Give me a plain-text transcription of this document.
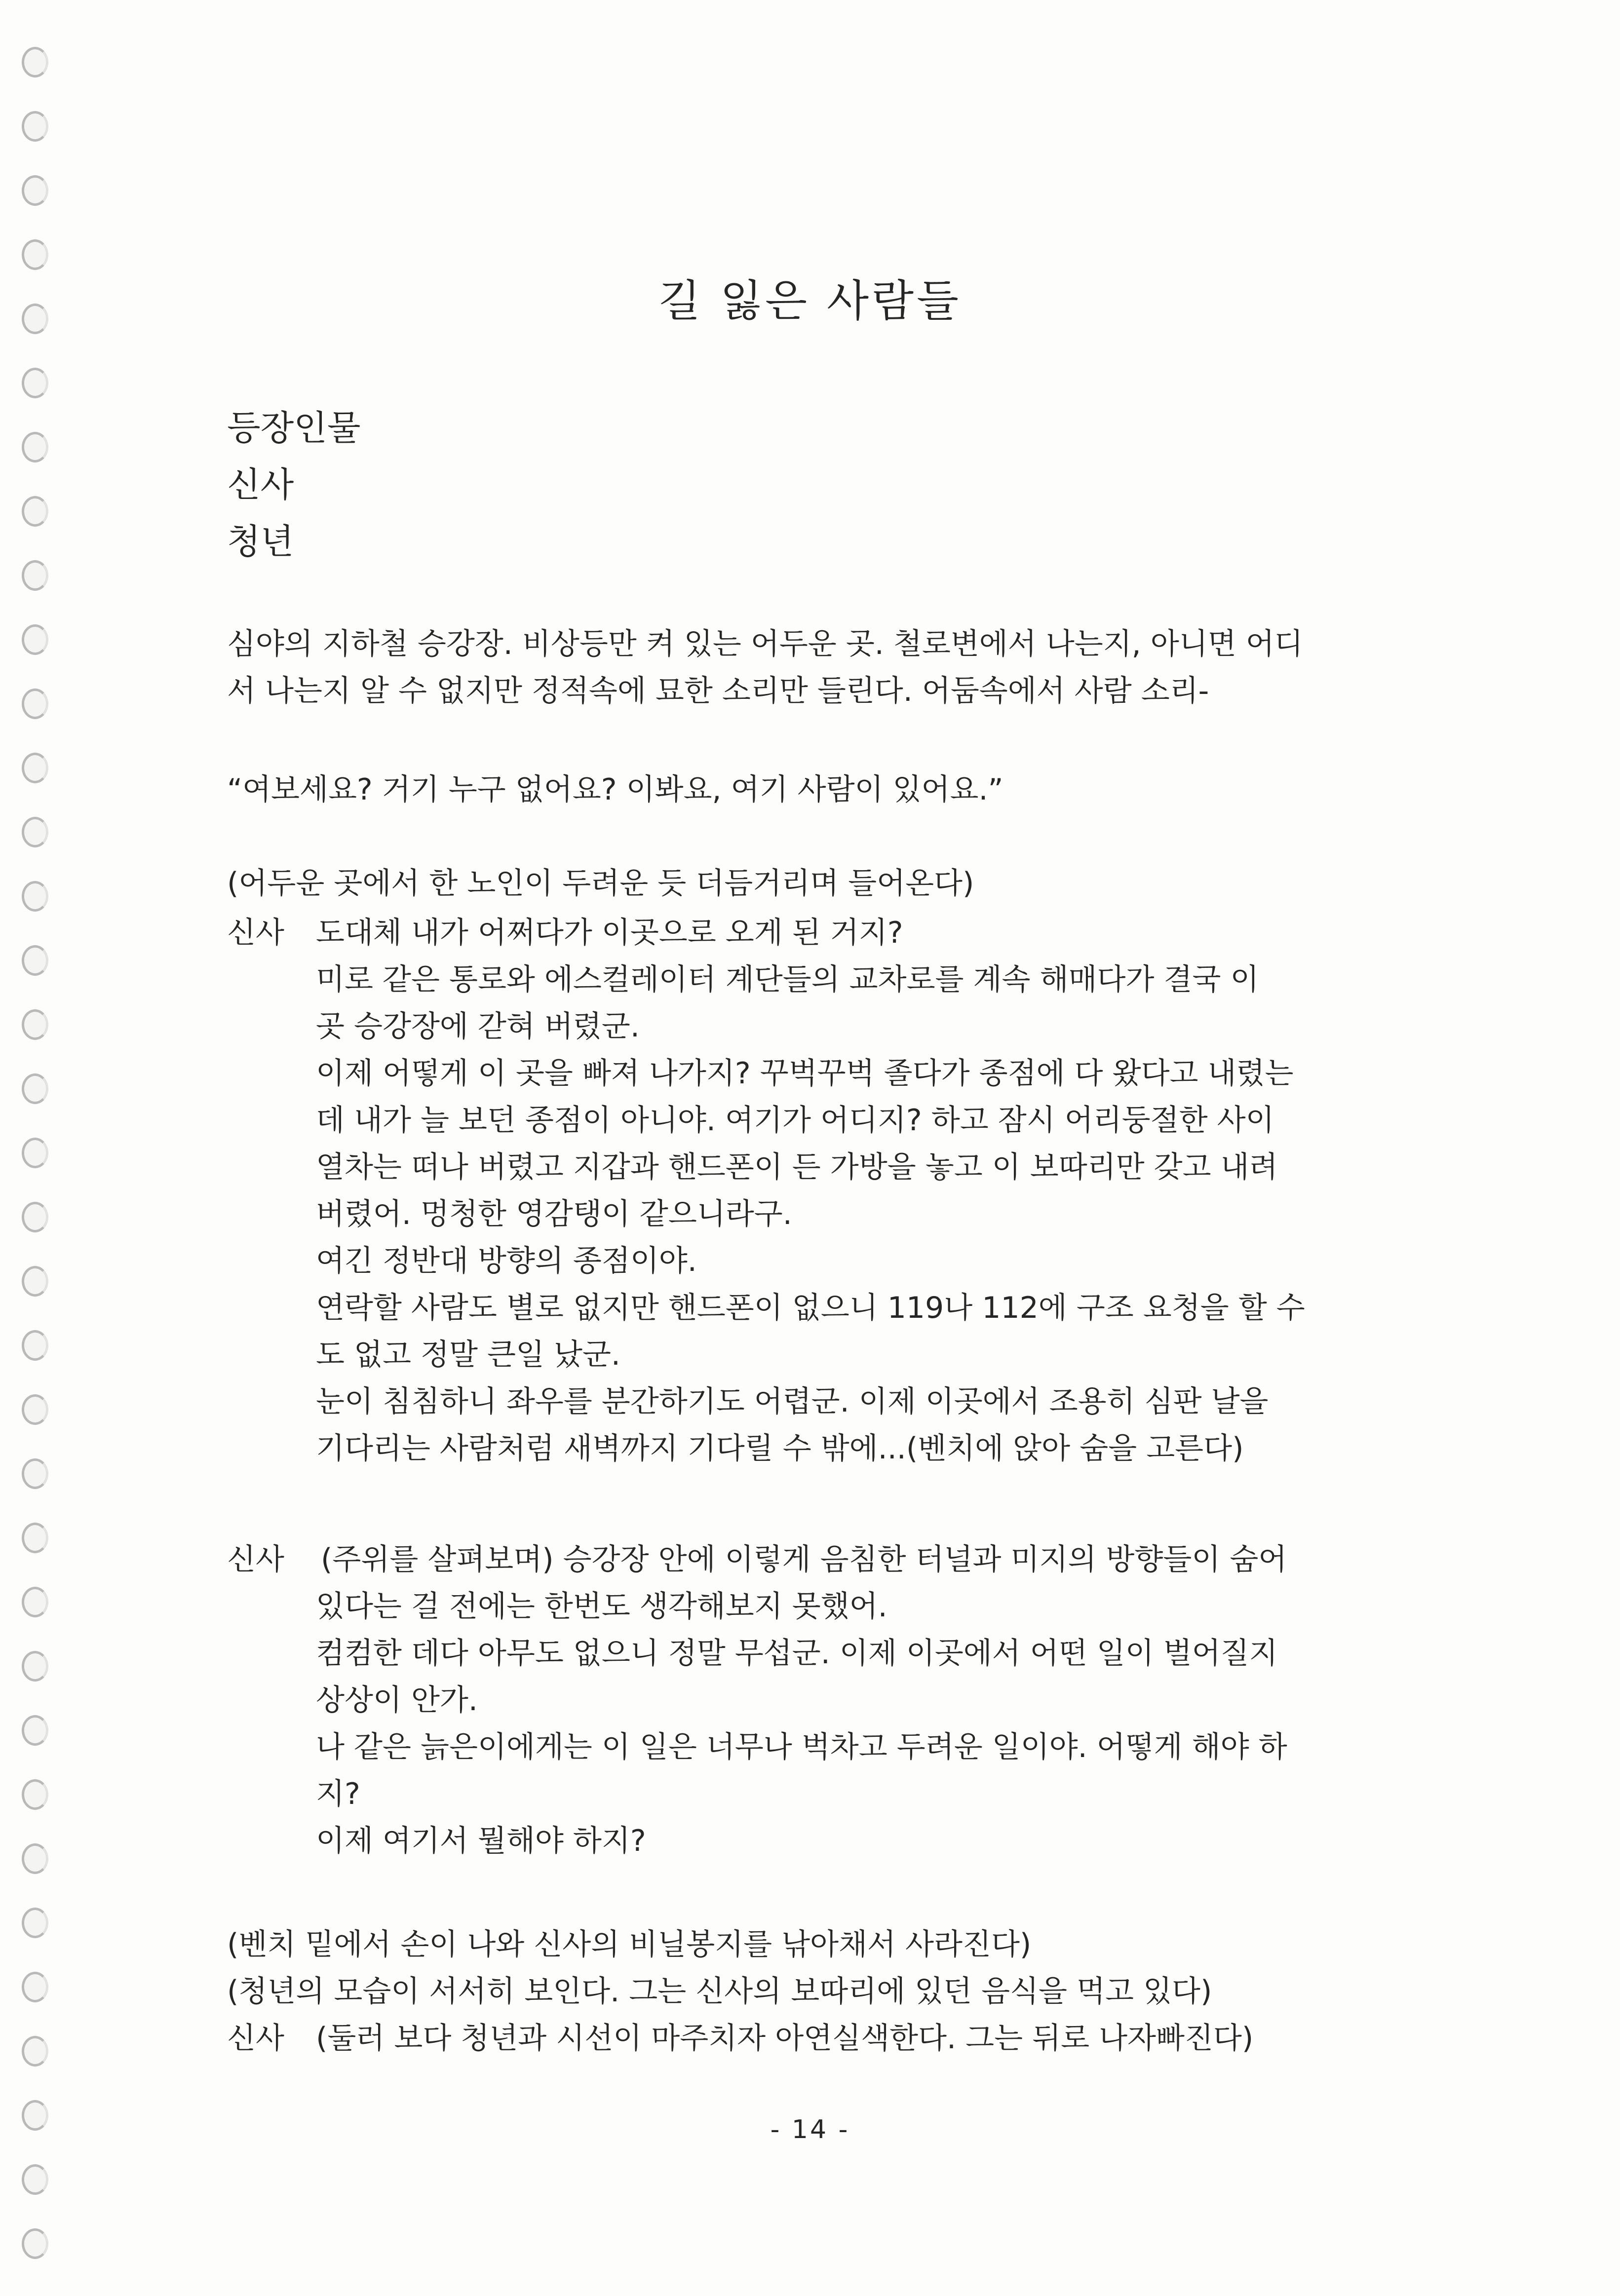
길 잃은 사람들
등장인물
신사
청년
심야의 지하철 승강장. 비상등만 켜 있는 어두운 곳. 철로변에서 나는지, 아니면 어디
서 나는지 알 수 없지만 정적속에 묘한 소리만 들린다. 어둠속에서 사람 소리-
“여보세요? 거기 누구 없어요? 이봐요, 여기 사람이 있어요.”
(어두운 곳에서 한 노인이 두려운 듯 더듬거리며 들어온다)
신사 도대체 내가 어쩌다가 이곳으로 오게 된 거지?
미로 같은 통로와 에스컬레이터 계단들의 교차로를 계속 해매다가 결국 이
곳 승강장에 갇혀 버렸군.
이제 어떻게 이 곳을 빠져 나가지? 꾸벅꾸벅 졸다가 종점에 다 왔다고 내렸는
데 내가 늘 보던 종점이 아니야. 여기가 어디지? 하고 잠시 어리둥절한 사이
열차는 떠나 버렸고 지갑과 핸드폰이 든 가방을 놓고 이 보따리만 갖고 내려
버렸어. 멍청한 영감탱이 같으니라구.
여긴 정반대 방향의 종점이야.
연락할 사람도 별로 없지만 핸드폰이 없으니 119나 112에 구조 요청을 할 수
도 없고 정말 큰일 났군.
눈이 침침하니 좌우를 분간하기도 어렵군. 이제 이곳에서 조용히 심판 날을
기다리는 사람처럼 새벽까지 기다릴 수 밖에...(벤치에 앉아 숨을 고른다)
신사 (주위를 살펴보며) 승강장 안에 이렇게 음침한 터널과 미지의 방향들이 숨어
있다는 걸 전에는 한번도 생각해보지 못했어.
컴컴한 데다 아무도 없으니 정말 무섭군. 이제 이곳에서 어떤 일이 벌어질지
상상이 안가.
나 같은 늙은이에게는 이 일은 너무나 벅차고 두려운 일이야. 어떻게 해야 하
지?
이제 여기서 뭘해야 하지?
(벤치 밑에서 손이 나와 신사의 비닐봉지를 낚아채서 사라진다)
(청년의 모습이 서서히 보인다. 그는 신사의 보따리에 있던 음식을 먹고 있다)
신사 (둘러 보다 청년과 시선이 마주치자 아연실색한다. 그는 뒤로 나자빠진다)
- 14 -
